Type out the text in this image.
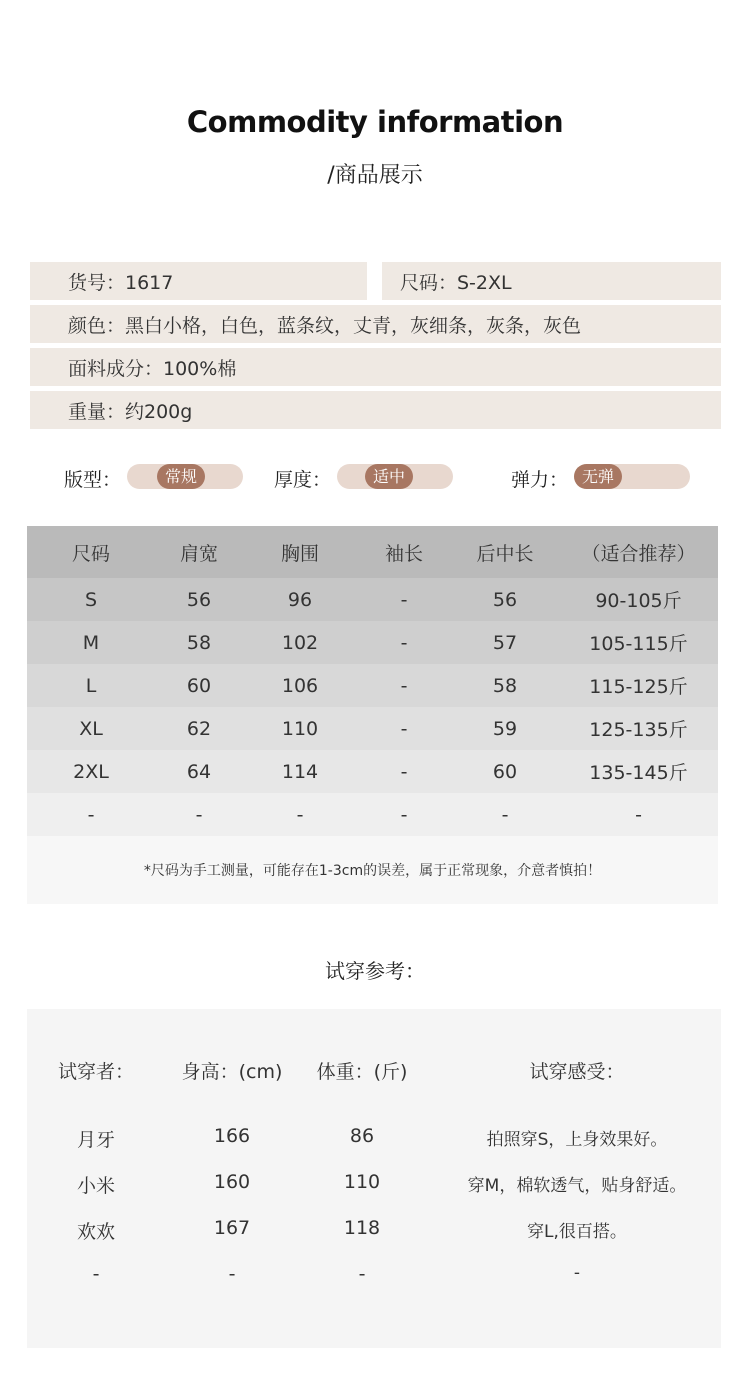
Commodity information
/商品展示
货号：1617	尺码：S-2XL
颜色：黑白小格，白色，蓝条纹，丈青，灰细条，灰条，灰色
面料成分：100%棉
重量：约200g
版型：	常规	厚度：	适中	弹力： 无弹
尺码	肩宽	胸围	袖长	后中长	（适合推荐）
S	56	96	-	56	90-105斤
M	58	102	-	57	105-115斤
L	60	106	-	58	115-125斤
XL	62	110	-	59	125-135斤
2XL	64	114	-	60	135-145斤
-	-	-	-	-	-
*尺码为手工测量，可能存在1-3cm的误差，属于正常现象，介意者慎拍！
试穿参考：
试穿者：	身高：(cm)	体重：(斤)	试穿感受：
月牙	166	86	拍照穿S，上身效果好。
小米	160	110	穿M，棉软透气，贴身舒适。
欢欢	167	118	穿L,很百搭。
-	-	-	-
